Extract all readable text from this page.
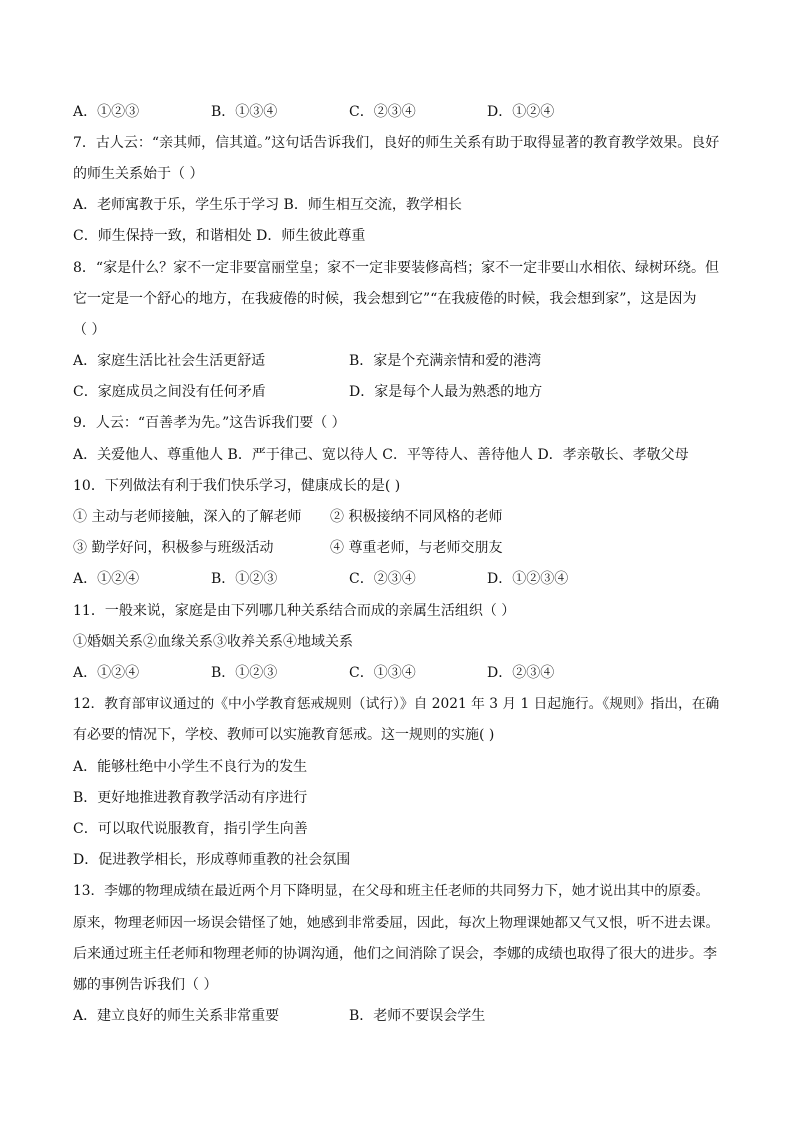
A．①②③	B．①③④	C．②③④	D．①②④
7．古人云：“亲其师，信其道。”这句话告诉我们，良好的师生关系有助于取得显著的教育教学效果。良好
的师生关系始于（ ）
A．老师寓教于乐，学生乐于学习 B．师生相互交流，教学相长
C．师生保持一致，和谐相处 D．师生彼此尊重
8．“家是什么？家不一定非要富丽堂皇；家不一定非要装修高档；家不一定非要山水相依、绿树环绕。但
它一定是一个舒心的地方，在我疲倦的时候，我会想到它”“在我疲倦的时候，我会想到家”，这是因为
（ ）
A．家庭生活比社会生活更舒适	B．家是个充满亲情和爱的港湾
C．家庭成员之间没有任何矛盾	D．家是每个人最为熟悉的地方
9．人云：“百善孝为先。”这告诉我们要（ ）
A．关爱他人、尊重他人 B．严于律己、宽以待人 C．平等待人、善待他人 D．孝亲敬长、孝敬父母
10．下列做法有利于我们快乐学习，健康成长的是( )
① 主动与老师接触，深入的了解老师 ② 积极接纳不同风格的老师
③ 勤学好问，积极参与班级活动	④ 尊重老师，与老师交朋友
A．①②④	B．①②③	C．②③④	D．①②③④
11．一般来说，家庭是由下列哪几种关系结合而成的亲属生活组织（ ）
①婚姻关系②血缘关系③收养关系④地域关系
A．①②④	B．①②③	C．①③④	D．②③④
12．教育部审议通过的《中小学教育惩戒规则（试行）》自 2021 年 3 月 1 日起施行。《规则》指出，在确
有必要的情况下，学校、教师可以实施教育惩戒。这一规则的实施( )
A．能够杜绝中小学生不良行为的发生
B．更好地推进教育教学活动有序进行
C．可以取代说服教育，指引学生向善
D．促进教学相长，形成尊师重教的社会氛围
13．李娜的物理成绩在最近两个月下降明显，在父母和班主任老师的共同努力下，她才说出其中的原委。
原来，物理老师因一场误会错怪了她，她感到非常委屈，因此，每次上物理课她都又气又恨，听不进去课。
后来通过班主任老师和物理老师的协调沟通，他们之间消除了误会，李娜的成绩也取得了很大的进步。李
娜的事例告诉我们（ ）
A．建立良好的师生关系非常重要	B．老师不要误会学生
